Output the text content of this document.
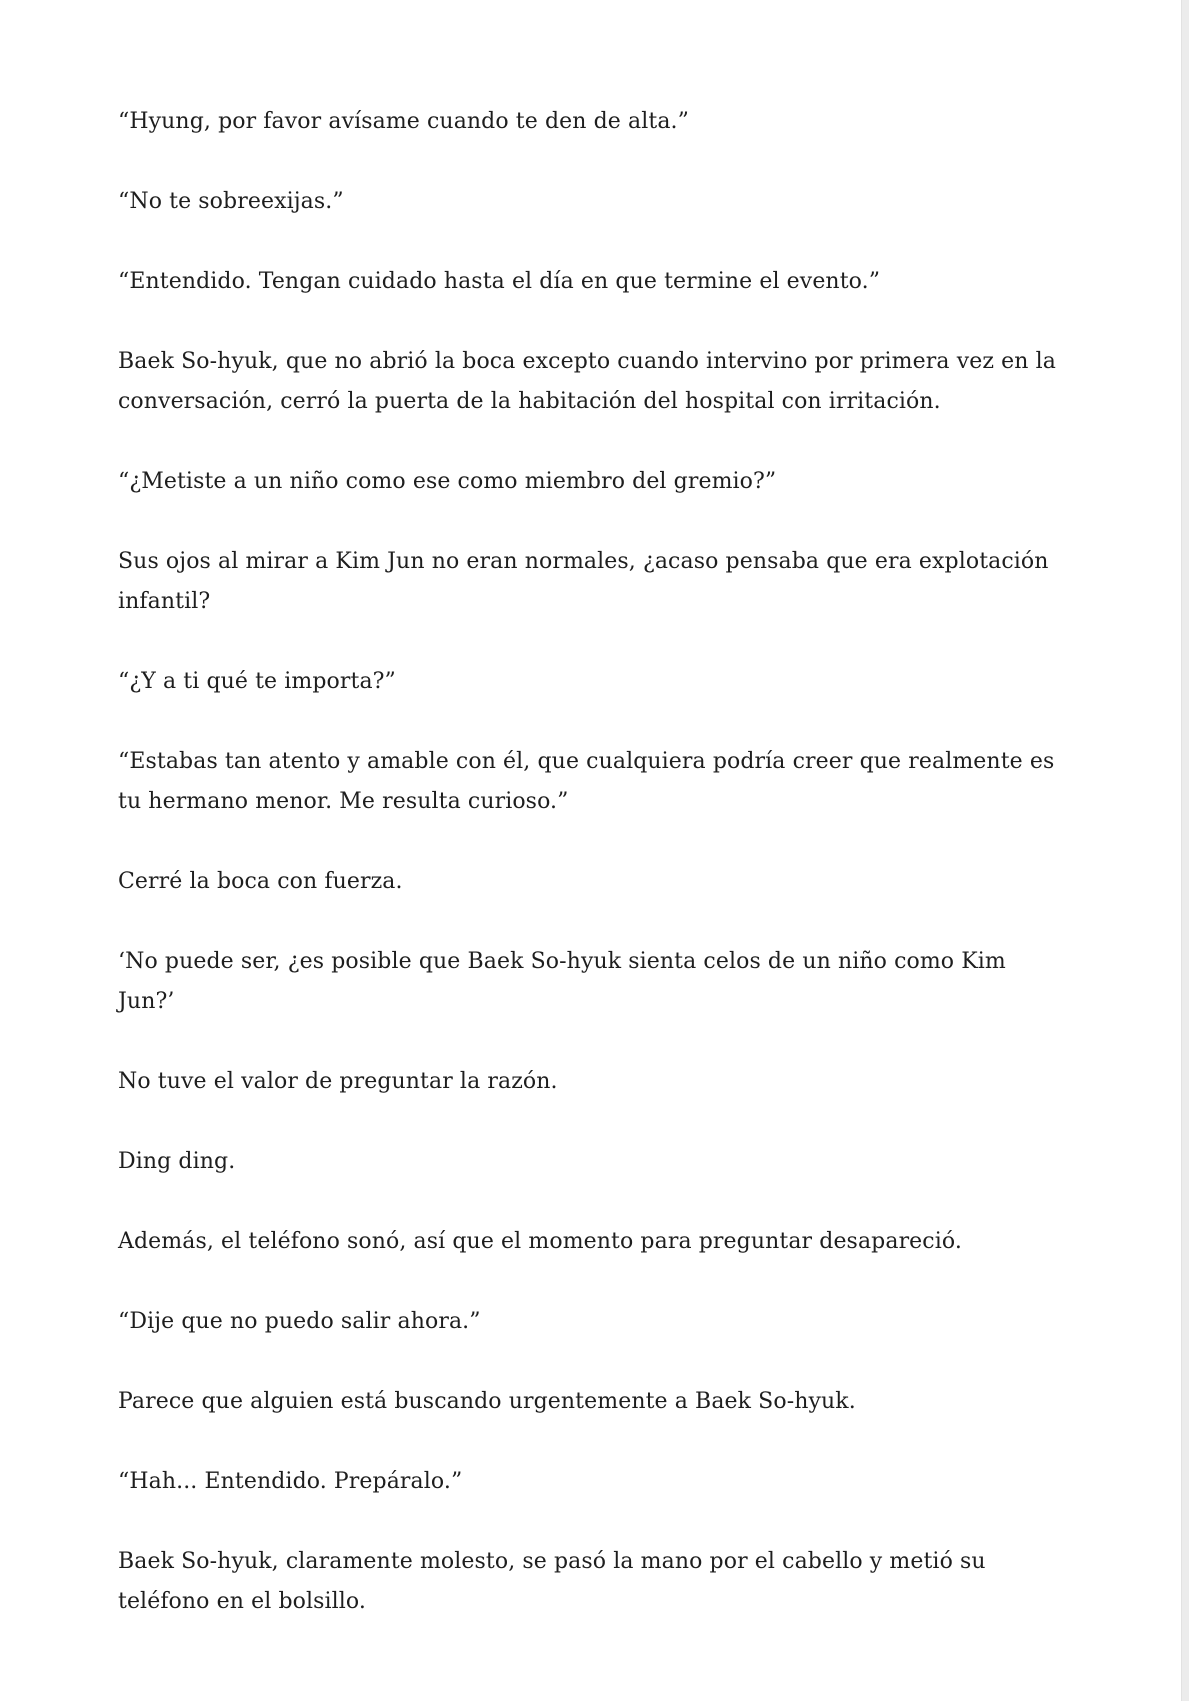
“Hyung, por favor avísame cuando te den de alta.”

“No te sobreexijas.”

“Entendido. Tengan cuidado hasta el día en que termine el evento.”

Baek So-hyuk, que no abrió la boca excepto cuando intervino por primera vez en la conversación, cerró la puerta de la habitación del hospital con irritación.

“¿Metiste a un niño como ese como miembro del gremio?”

Sus ojos al mirar a Kim Jun no eran normales, ¿acaso pensaba que era explotación infantil?

“¿Y a ti qué te importa?”

“Estabas tan atento y amable con él, que cualquiera podría creer que realmente es tu hermano menor. Me resulta curioso.”

Cerré la boca con fuerza.

‘No puede ser, ¿es posible que Baek So-hyuk sienta celos de un niño como Kim Jun?’

No tuve el valor de preguntar la razón.

Ding ding.

Además, el teléfono sonó, así que el momento para preguntar desapareció.

“Dije que no puedo salir ahora.”

Parece que alguien está buscando urgentemente a Baek So-hyuk.

“Hah... Entendido. Prepáralo.”

Baek So-hyuk, claramente molesto, se pasó la mano por el cabello y metió su teléfono en el bolsillo.
